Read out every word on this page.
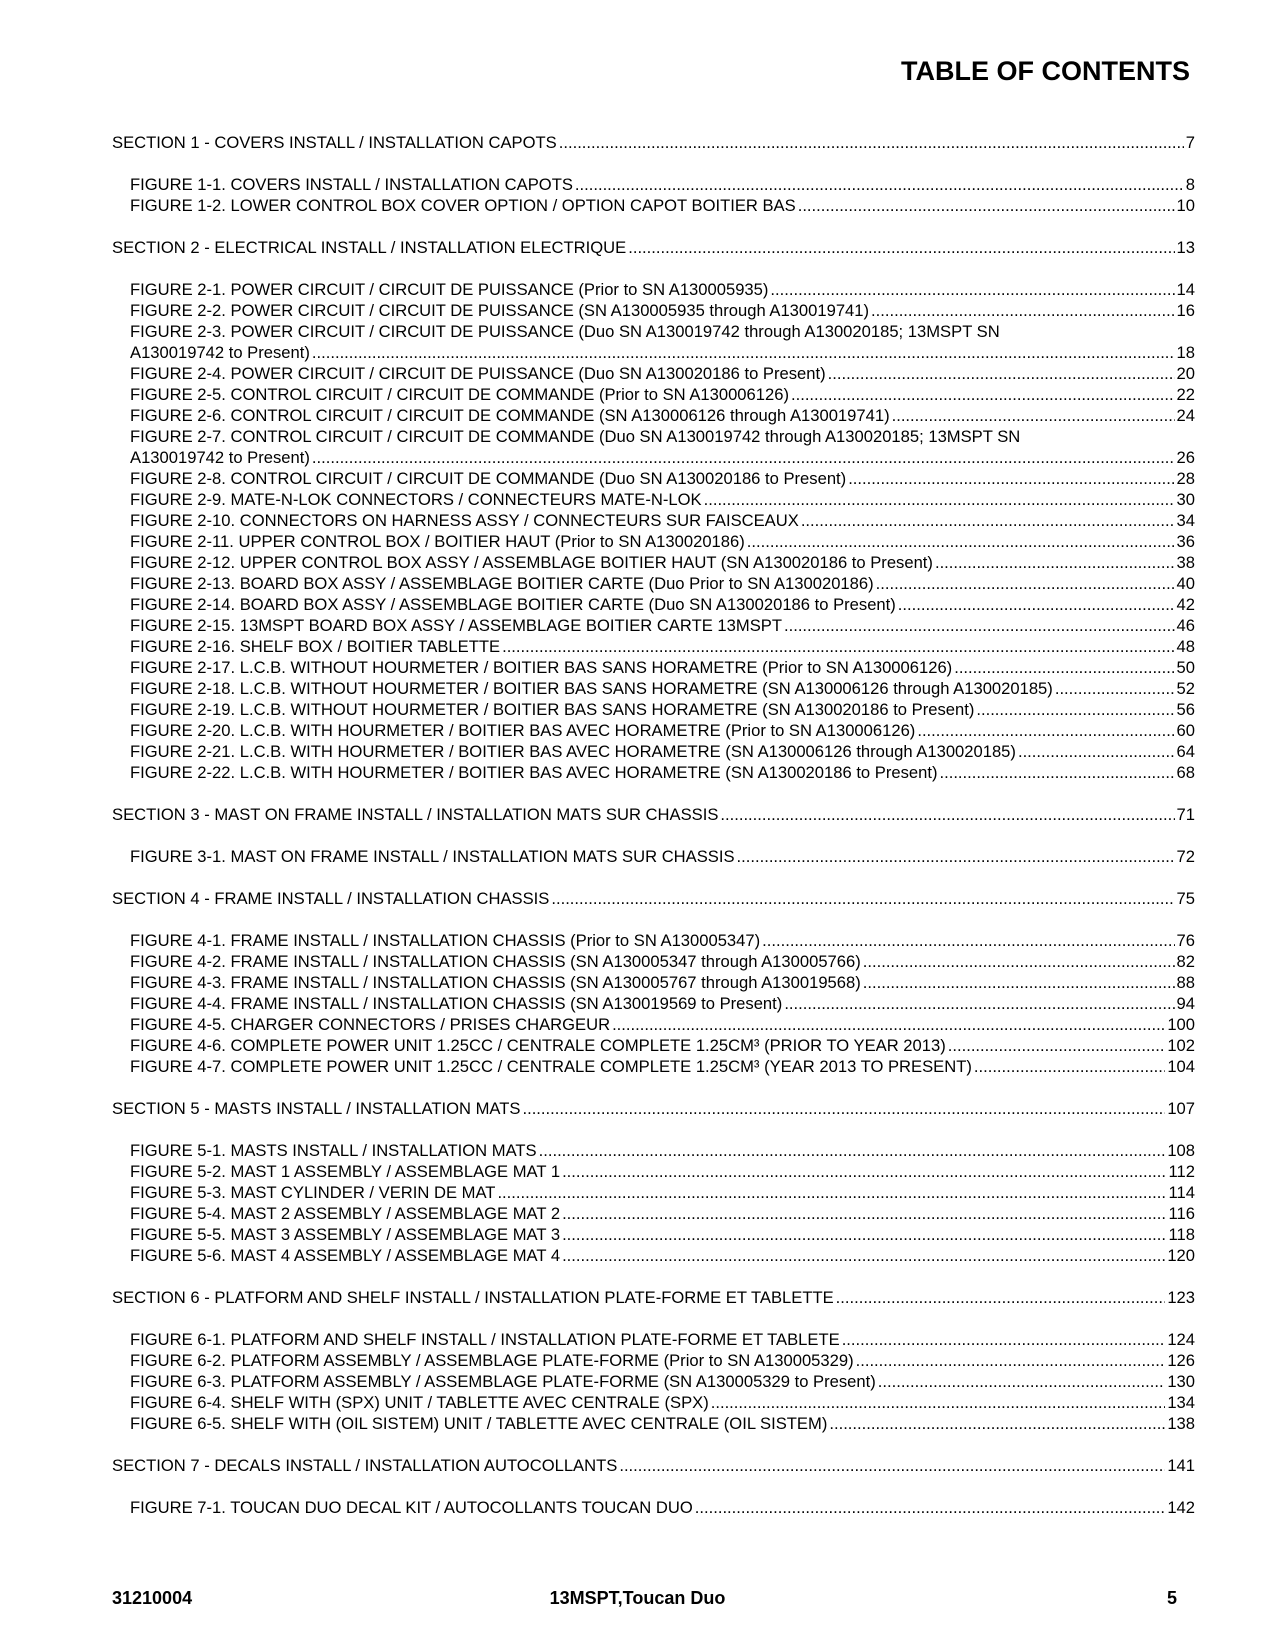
TABLE OF CONTENTS
SECTION 1 - COVERS INSTALL / INSTALLATION CAPOTS .....	7
FIGURE 1-1. COVERS INSTALL / INSTALLATION CAPOTS .....	8
FIGURE 1-2. LOWER CONTROL BOX COVER OPTION / OPTION CAPOT BOITIER BAS .....	10
SECTION 2 - ELECTRICAL INSTALL / INSTALLATION ELECTRIQUE .....	13
FIGURE 2-1. POWER CIRCUIT / CIRCUIT DE PUISSANCE (Prior to SN A130005935) .....	14
FIGURE 2-2. POWER CIRCUIT / CIRCUIT DE PUISSANCE (SN A130005935 through A130019741) .....	16
FIGURE 2-3. POWER CIRCUIT / CIRCUIT DE PUISSANCE (Duo SN A130019742 through A130020185; 13MSPT SN
A130019742 to Present) .....	18
FIGURE 2-4. POWER CIRCUIT / CIRCUIT DE PUISSANCE (Duo SN A130020186 to Present) .....	20
FIGURE 2-5. CONTROL CIRCUIT / CIRCUIT DE COMMANDE (Prior to SN A130006126) .....	22
FIGURE 2-6. CONTROL CIRCUIT / CIRCUIT DE COMMANDE (SN A130006126 through A130019741) .....	24
FIGURE 2-7. CONTROL CIRCUIT / CIRCUIT DE COMMANDE (Duo SN A130019742 through A130020185; 13MSPT SN
A130019742 to Present) .....	26
FIGURE 2-8. CONTROL CIRCUIT / CIRCUIT DE COMMANDE (Duo SN A130020186 to Present) .....	28
FIGURE 2-9. MATE-N-LOK CONNECTORS / CONNECTEURS MATE-N-LOK .....	30
FIGURE 2-10. CONNECTORS ON HARNESS ASSY / CONNECTEURS SUR FAISCEAUX .....	34
FIGURE 2-11. UPPER CONTROL BOX / BOITIER HAUT (Prior to SN A130020186) .....	36
FIGURE 2-12. UPPER CONTROL BOX ASSY / ASSEMBLAGE BOITIER HAUT (SN A130020186 to Present) .....	38
FIGURE 2-13. BOARD BOX ASSY / ASSEMBLAGE BOITIER CARTE (Duo Prior to SN A130020186) .....	40
FIGURE 2-14. BOARD BOX ASSY / ASSEMBLAGE BOITIER CARTE (Duo SN A130020186 to Present) .....	42
FIGURE 2-15. 13MSPT BOARD BOX ASSY / ASSEMBLAGE BOITIER CARTE 13MSPT .....	46
FIGURE 2-16. SHELF BOX / BOITIER TABLETTE .....	48
FIGURE 2-17. L.C.B. WITHOUT HOURMETER / BOITIER BAS SANS HORAMETRE (Prior to SN A130006126) .....	50
FIGURE 2-18. L.C.B. WITHOUT HOURMETER / BOITIER BAS SANS HORAMETRE (SN A130006126 through A130020185) .....	52
FIGURE 2-19. L.C.B. WITHOUT HOURMETER / BOITIER BAS SANS HORAMETRE (SN A130020186 to Present) .....	56
FIGURE 2-20. L.C.B. WITH HOURMETER / BOITIER BAS AVEC HORAMETRE (Prior to SN A130006126) .....	60
FIGURE 2-21. L.C.B. WITH HOURMETER / BOITIER BAS AVEC HORAMETRE (SN A130006126 through A130020185) .....	64
FIGURE 2-22. L.C.B. WITH HOURMETER / BOITIER BAS AVEC HORAMETRE (SN A130020186 to Present) .....	68
SECTION 3 - MAST ON FRAME INSTALL / INSTALLATION MATS SUR CHASSIS .....	71
FIGURE 3-1. MAST ON FRAME INSTALL / INSTALLATION MATS SUR CHASSIS .....	72
SECTION 4 - FRAME INSTALL / INSTALLATION CHASSIS .....	75
FIGURE 4-1. FRAME INSTALL / INSTALLATION CHASSIS (Prior to SN A130005347) .....	76
FIGURE 4-2. FRAME INSTALL / INSTALLATION CHASSIS (SN A130005347 through A130005766) .....	82
FIGURE 4-3. FRAME INSTALL / INSTALLATION CHASSIS (SN A130005767 through A130019568) .....	88
FIGURE 4-4. FRAME INSTALL / INSTALLATION CHASSIS (SN A130019569 to Present) .....	94
FIGURE 4-5. CHARGER CONNECTORS / PRISES CHARGEUR .....	100
FIGURE 4-6. COMPLETE POWER UNIT 1.25CC / CENTRALE COMPLETE 1.25CM³ (PRIOR TO YEAR 2013) .....	102
FIGURE 4-7. COMPLETE POWER UNIT 1.25CC / CENTRALE COMPLETE 1.25CM³ (YEAR 2013 TO PRESENT) .....	104
SECTION 5 - MASTS INSTALL / INSTALLATION MATS .....	107
FIGURE 5-1. MASTS INSTALL / INSTALLATION MATS .....	108
FIGURE 5-2. MAST 1 ASSEMBLY / ASSEMBLAGE MAT 1 .....	112
FIGURE 5-3. MAST CYLINDER / VERIN DE MAT .....	114
FIGURE 5-4. MAST 2 ASSEMBLY / ASSEMBLAGE MAT 2 .....	116
FIGURE 5-5. MAST 3 ASSEMBLY / ASSEMBLAGE MAT 3 .....	118
FIGURE 5-6. MAST 4 ASSEMBLY / ASSEMBLAGE MAT 4 .....	120
SECTION 6 - PLATFORM AND SHELF INSTALL / INSTALLATION PLATE-FORME ET TABLETTE .....	123
FIGURE 6-1. PLATFORM AND SHELF INSTALL / INSTALLATION PLATE-FORME ET TABLETE .....	124
FIGURE 6-2. PLATFORM ASSEMBLY / ASSEMBLAGE PLATE-FORME (Prior to SN A130005329) .....	126
FIGURE 6-3. PLATFORM ASSEMBLY / ASSEMBLAGE PLATE-FORME (SN A130005329 to Present) .....	130
FIGURE 6-4. SHELF WITH (SPX) UNIT / TABLETTE AVEC CENTRALE (SPX) .....	134
FIGURE 6-5. SHELF WITH (OIL SISTEM) UNIT / TABLETTE AVEC CENTRALE (OIL SISTEM) .....	138
SECTION 7 - DECALS INSTALL / INSTALLATION AUTOCOLLANTS .....	141
FIGURE 7-1. TOUCAN DUO DECAL KIT / AUTOCOLLANTS TOUCAN DUO .....	142
31210004	13MSPT,Toucan Duo	5
